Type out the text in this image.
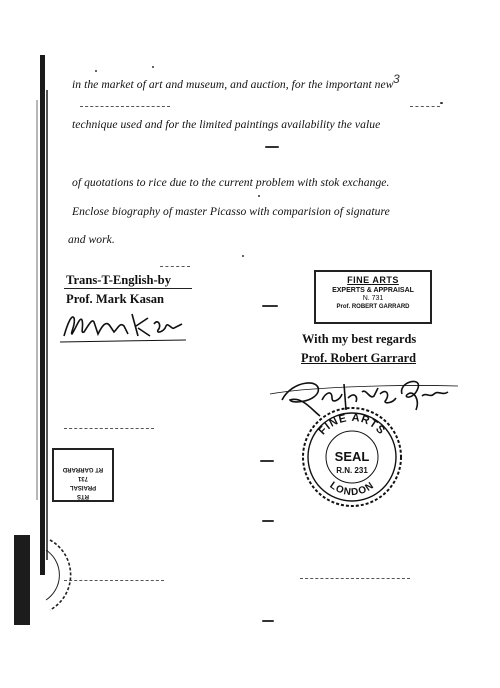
3
in the market of art and museum, and auction, for the important new
technique used and for the limited paintings availability the value
of quotations to rice due to the current problem with stok exchange.
Enclose biography of master Picasso with comparision of signature
and work.
Trans-T-English-by
Prof. Mark Kasan
FINE ARTS
EXPERTS & APPRAISAL
N. 731
Prof. ROBERT GARRARD
With my best regards
Prof. Robert Garrard
FINE ARTS
LONDON
SEAL
R.N. 231
RTS
PRAISAL
731
RT GARRARD
